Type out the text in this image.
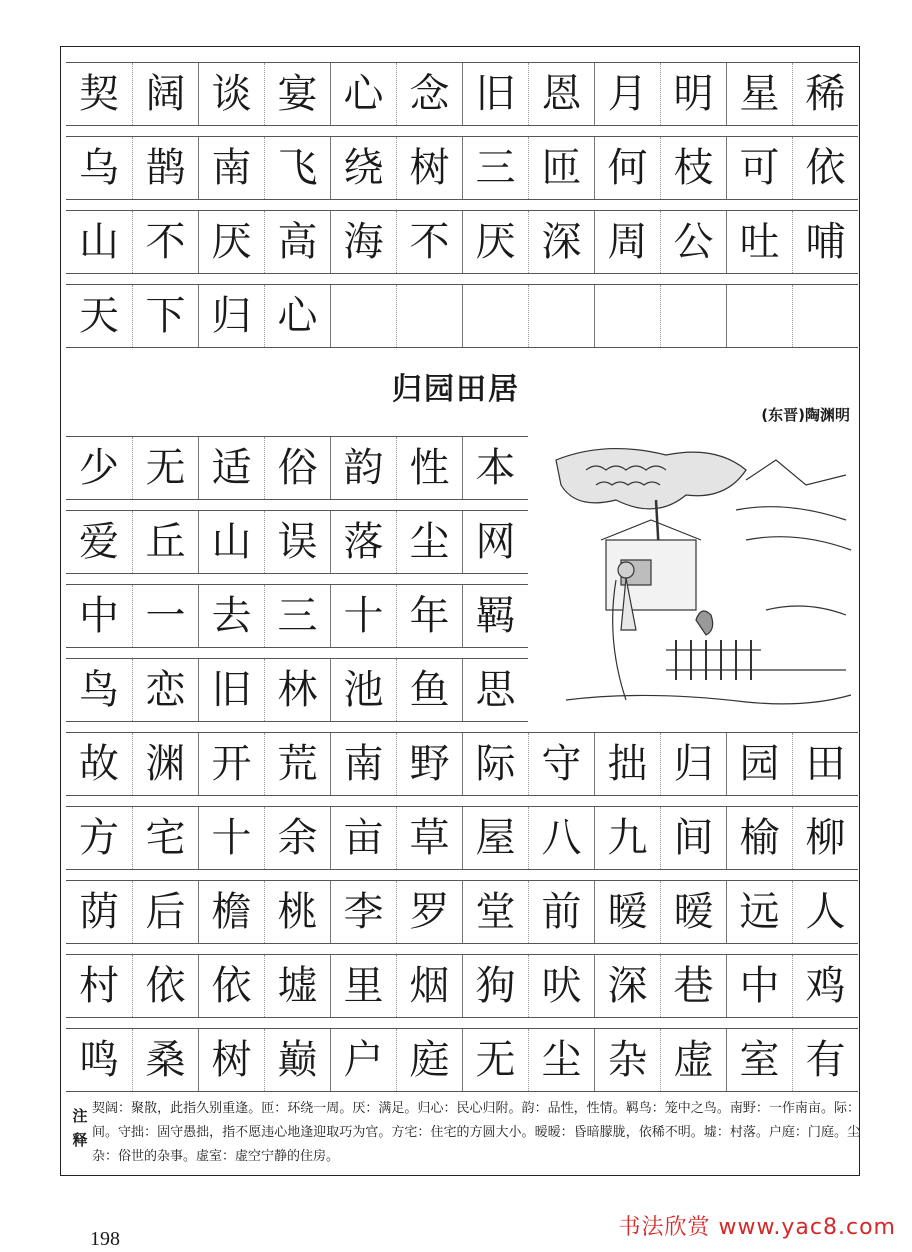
契 阔 谈 宴 心 念 旧 恩 月 明 星 稀
乌 鹊 南 飞 绕 树 三 匝 何 枝 可 依
山 不 厌 高 海 不 厌 深 周 公 吐 哺
天 下 归 心
少 无 适 俗 韵 性 本
爱 丘 山 误 落 尘 网
中 一 去 三 十 年 羁
鸟 恋 旧 林 池 鱼 思
故 渊 开 荒 南 野 际 守 拙 归 园 田
方 宅 十 余 亩 草 屋 八 九 间 榆 柳
荫 后 檐 桃 李 罗 堂 前 暧 暧 远 人
村 依 依 墟 里 烟 狗 吠 深 巷 中 鸡
鸣 桑 树 巅 户 庭 无 尘 杂 虚 室 有
归园田居
(东晋)陶渊明
注
释
契阔：聚散，此指久别重逢。匝：环绕一周。厌：满足。归心：民心归附。韵：品性，性情。羁鸟：笼中之鸟。南野：一作南亩。际：间。守拙：固守愚拙，指不愿违心地逢迎取巧为官。方宅：住宅的方圆大小。暧暧：昏暗朦胧，依稀不明。墟：村落。户庭：门庭。尘杂：俗世的杂事。虚室：虚空宁静的住房。
198	书法欣赏 www.yac8.com
